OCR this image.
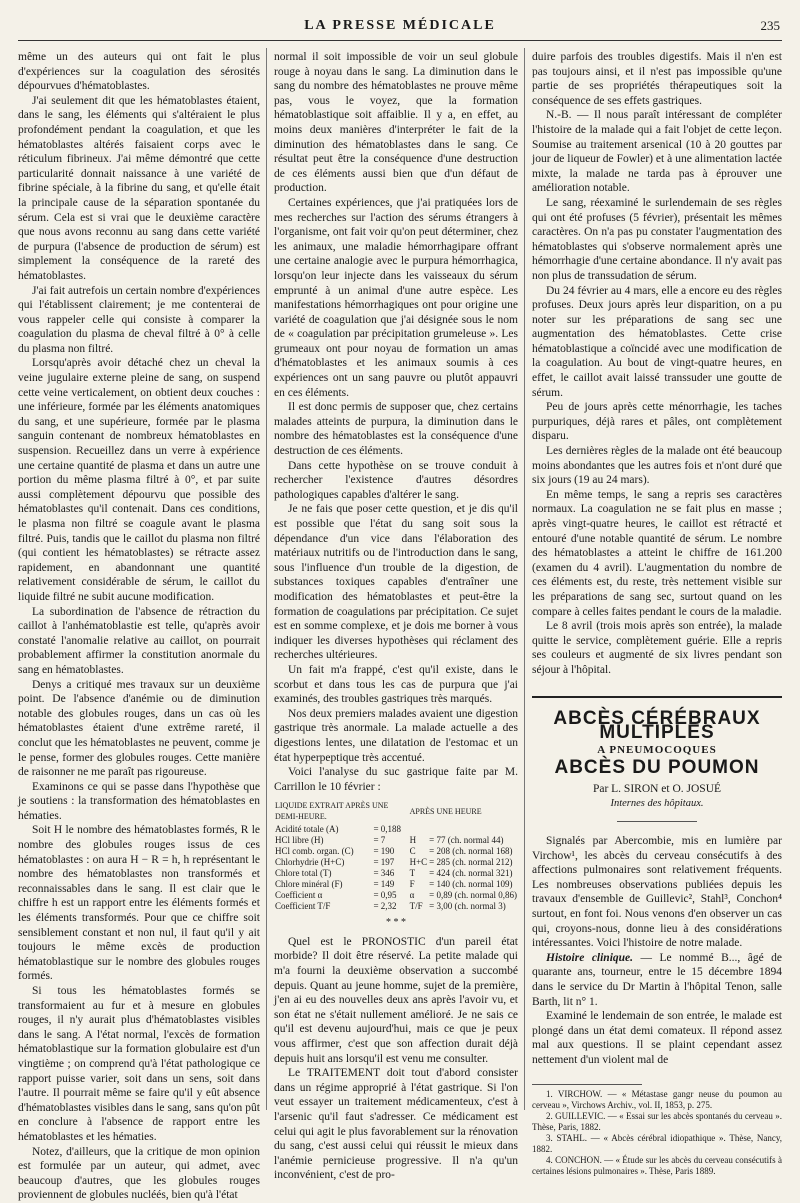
LA PRESSE MÉDICALE	235

même un des auteurs qui ont fait le plus d'expériences sur la coagulation des sérosités dépourvues d'hématoblastes.

J'ai seulement dit que les hématoblastes étaient, dans le sang, les éléments qui s'altéraient le plus profondément pendant la coagulation, et que les hématoblastes altérés faisaient corps avec le réticulum fibrineux. J'ai même démontré que cette particularité donnait naissance à une variété de fibrine spéciale, à la fibrine du sang, et qu'elle était la principale cause de la séparation spontanée du sérum. Cela est si vrai que le deuxième caractère que nous avons reconnu au sang dans cette variété de purpura (l'absence de production de sérum) est simplement la conséquence de la rareté des hématoblastes.

J'ai fait autrefois un certain nombre d'expériences qui l'établissent clairement; je me contenterai de vous rappeler celle qui consiste à comparer la coagulation du plasma de cheval filtré à 0° à celle du plasma non filtré.

Lorsqu'après avoir détaché chez un cheval la veine jugulaire externe pleine de sang, on suspend cette veine verticalement, on obtient deux couches : une inférieure, formée par les éléments anatomiques du sang, et une supérieure, formée par le plasma sanguin contenant de nombreux hématoblastes en suspension. Recueillez dans un verre à expérience une certaine quantité de plasma et dans un autre une portion du même plasma filtré à 0°, et par suite aussi complètement dépourvu que possible des hématoblastes qu'il contenait. Dans ces conditions, le plasma non filtré se coagule avant le plasma filtré. Puis, tandis que le caillot du plasma non filtré (qui contient les hématoblastes) se rétracte assez rapidement, en abandonnant une quantité relativement considérable de sérum, le caillot du liquide filtré ne subit aucune modification.

La subordination de l'absence de rétraction du caillot à l'anhématoblastie est telle, qu'après avoir constaté l'anomalie relative au caillot, on pourrait probablement affirmer la constitution anormale du sang en hématoblastes.

Denys a critiqué mes travaux sur un deuxième point. De l'absence d'anémie ou de diminution notable des globules rouges, dans un cas où les hématoblastes étaient d'une extrême rareté, il conclut que les hématoblastes ne peuvent, comme je le pense, former des globules rouges. Cette manière de raisonner ne me paraît pas rigoureuse.

Examinons ce qui se passe dans l'hypothèse que je soutiens : la transformation des hématoblastes en hématies.

Soit H le nombre des hématoblastes formés, R le nombre des globules rouges issus de ces hématoblastes : on aura H − R = h, h représentant le nombre des hématoblastes non transformés et reconnaissables dans le sang. Il est clair que le chiffre h est un rapport entre les éléments formés et les éléments transformés. Pour que ce chiffre soit sensiblement constant et non nul, il faut qu'il y ait toujours le même excès de production hématoblastique sur le nombre des globules rouges formés.

Si tous les hématoblastes formés se transformaient au fur et à mesure en globules rouges, il n'y aurait plus d'hématoblastes visibles dans le sang. A l'état normal, l'excès de formation hématoblastique sur la formation globulaire est d'un vingtième ; on comprend qu'à l'état pathologique ce rapport puisse varier, soit dans un sens, soit dans l'autre. Il pourrait même se faire qu'il y eût absence d'hématoblastes visibles dans le sang, sans qu'on pût en conclure à l'absence de rapport entre les hématoblastes et les hématies.

Notez, d'ailleurs, que la critique de mon opinion est formulée par un auteur, qui admet, avec beaucoup d'autres, que les globules rouges proviennent de globules nucléés, bien qu'à l'état

normal il soit impossible de voir un seul globule rouge à noyau dans le sang. La diminution dans le sang du nombre des hématoblastes ne prouve même pas, vous le voyez, que la formation hématoblastique soit affaiblie. Il y a, en effet, au moins deux manières d'interpréter le fait de la diminution des hématoblastes dans le sang. Ce résultat peut être la conséquence d'une destruction de ces éléments aussi bien que d'un défaut de production.

Certaines expériences, que j'ai pratiquées lors de mes recherches sur l'action des sérums étrangers à l'organisme, ont fait voir qu'on peut déterminer, chez les animaux, une maladie hémorrhagipare offrant une certaine analogie avec le purpura hémorrhagica, lorsqu'on leur injecte dans les vaisseaux du sérum emprunté à un animal d'une autre espèce. Les manifestations hémorrhagiques ont pour origine une variété de coagulation que j'ai désignée sous le nom de « coagulation par précipitation grumeleuse ». Les grumeaux ont pour noyau de formation un amas d'hématoblastes et les animaux soumis à ces expériences ont un sang pauvre ou plutôt appauvri en ces éléments.

Il est donc permis de supposer que, chez certains malades atteints de purpura, la diminution dans le nombre des hématoblastes est la conséquence d'une destruction de ces éléments.

Dans cette hypothèse on se trouve conduit à rechercher l'existence d'autres désordres pathologiques capables d'altérer le sang.

Je ne fais que poser cette question, et je dis qu'il est possible que l'état du sang soit sous la dépendance d'un vice dans l'élaboration des matériaux nutritifs ou de l'introduction dans le sang, sous l'influence d'un trouble de la digestion, de substances toxiques capables d'entraîner une modification des hématoblastes et peut-être la formation de coagulations par précipitation. Ce sujet est en somme complexe, et je dois me borner à vous indiquer les diverses hypothèses qui réclament des recherches ultérieures.

Un fait m'a frappé, c'est qu'il existe, dans le scorbut et dans tous les cas de purpura que j'ai examinés, des troubles gastriques très marqués.

Nos deux premiers malades avaient une digestion gastrique très anormale. La malade actuelle a des digestions lentes, une dilatation de l'estomac et un état hyperpeptique très accentué.

Voici l'analyse du suc gastrique faite par M. Carrillon le 10 février :

LIQUIDE EXTRAIT APRÈS UNE DEMI-HEURE.		APRÈS UNE HEURE	
Acidité totale (A)	= 0,188		
HCl libre (H)	= 7	H	= 77 (ch. normal 44)
HCl comb. organ. (C)	= 190	C	= 208 (ch. normal 168)
Chlorhydrie (H+C)	= 197	H+C	= 285 (ch. normal 212)
Chlore total (T)	= 346	T	= 424 (ch. normal 321)
Chlore minéral (F)	= 149	F	= 140 (ch. normal 109)
Coefficient α	= 0,95	α	= 0,89 (ch. normal 0,86)
Coefficient T/F	= 2,32	T/F	= 3,00 (ch. normal 3)
* * *

Quel est le PRONOSTIC d'un pareil état morbide? Il doit être réservé. La petite malade qui m'a fourni la deuxième observation a succombé depuis. Quant au jeune homme, sujet de la première, j'en ai eu des nouvelles deux ans après l'avoir vu, et son état ne s'était nullement amélioré. Je ne sais ce qu'il est devenu aujourd'hui, mais ce que je peux vous affirmer, c'est que son affection durait déjà depuis huit ans lorsqu'il est venu me consulter.

Le TRAITEMENT doit tout d'abord consister dans un régime approprié à l'état gastrique. Si l'on veut essayer un traitement médicamenteux, c'est à l'arsenic qu'il faut s'adresser. Ce médicament est celui qui agit le plus favorablement sur la rénovation du sang, c'est aussi celui qui réussit le mieux dans l'anémie pernicieuse progressive. Il n'a qu'un inconvénient, c'est de pro-

duire parfois des troubles digestifs. Mais il n'en est pas toujours ainsi, et il n'est pas impossible qu'une partie de ses propriétés thérapeutiques soit la conséquence de ses effets gastriques.

N.-B. — Il nous paraît intéressant de compléter l'histoire de la malade qui a fait l'objet de cette leçon. Soumise au traitement arsenical (10 à 20 gouttes par jour de liqueur de Fowler) et à une alimentation lactée mixte, la malade ne tarda pas à éprouver une amélioration notable.

Le sang, réexaminé le surlendemain de ses règles qui ont été profuses (5 février), présentait les mêmes caractères. On n'a pas pu constater l'augmentation des hématoblastes qui s'observe normalement après une hémorrhagie d'une certaine abondance. Il n'y avait pas non plus de transsudation de sérum.

Du 24 février au 4 mars, elle a encore eu des règles profuses. Deux jours après leur disparition, on a pu noter sur les préparations de sang sec une augmentation des hématoblastes. Cette crise hématoblastique a coïncidé avec une modification de la coagulation. Au bout de vingt-quatre heures, en effet, le caillot avait laissé transsuder une goutte de sérum.

Peu de jours après cette ménorrhagie, les taches purpuriques, déjà rares et pâles, ont complètement disparu.

Les dernières règles de la malade ont été beaucoup moins abondantes que les autres fois et n'ont duré que six jours (19 au 24 mars).

En même temps, le sang a repris ses caractères normaux. La coagulation ne se fait plus en masse ; après vingt-quatre heures, le caillot est rétracté et entouré d'une notable quantité de sérum. Le nombre des hématoblastes a atteint le chiffre de 161.200 (examen du 4 avril). L'augmentation du nombre de ces éléments est, du reste, très nettement visible sur les préparations de sang sec, surtout quand on les compare à celles faites pendant le cours de la maladie.

Le 8 avril (trois mois après son entrée), la malade quitte le service, complètement guérie. Elle a repris ses couleurs et augmenté de six livres pendant son séjour à l'hôpital.

ABCÈS CÉRÉBRAUX MULTIPLES
A PNEUMOCOQUES
ABCÈS DU POUMON
Par L. SIRON et O. JOSUÉ
Internes des hôpitaux.

Signalés par Abercombie, mis en lumière par Virchow¹, les abcès du cerveau consécutifs à des affections pulmonaires sont relativement fréquents. Les nombreuses observations publiées depuis les travaux d'ensemble de Guillevic², Stahl³, Conchon⁴ surtout, en font foi. Nous venons d'en observer un cas qui, croyons-nous, donne lieu à des considérations intéressantes. Voici l'histoire de notre malade.

Histoire clinique. — Le nommé B..., âgé de quarante ans, tourneur, entre le 15 décembre 1894 dans le service du Dr Martin à l'hôpital Tenon, salle Barth, lit n° 1.

Examiné le lendemain de son entrée, le malade est plongé dans un état demi comateux. Il répond assez mal aux questions. Il se plaint cependant assez nettement d'un violent mal de

1. VIRCHOW. — « Métastase gangr neuse du poumon au cerveau », Virchows Archiv., vol. II, 1853, p. 275.

2. GUILLEVIC. — « Essai sur les abcès spontanés du cerveau ». Thèse, Paris, 1882.

3. STAHL. — « Abcès cérébral idiopathique ». Thèse, Nancy, 1882.

4. CONCHON. — « Étude sur les abcès du cerveau consécutifs à certaines lésions pulmonaires ». Thèse, Paris 1889.
